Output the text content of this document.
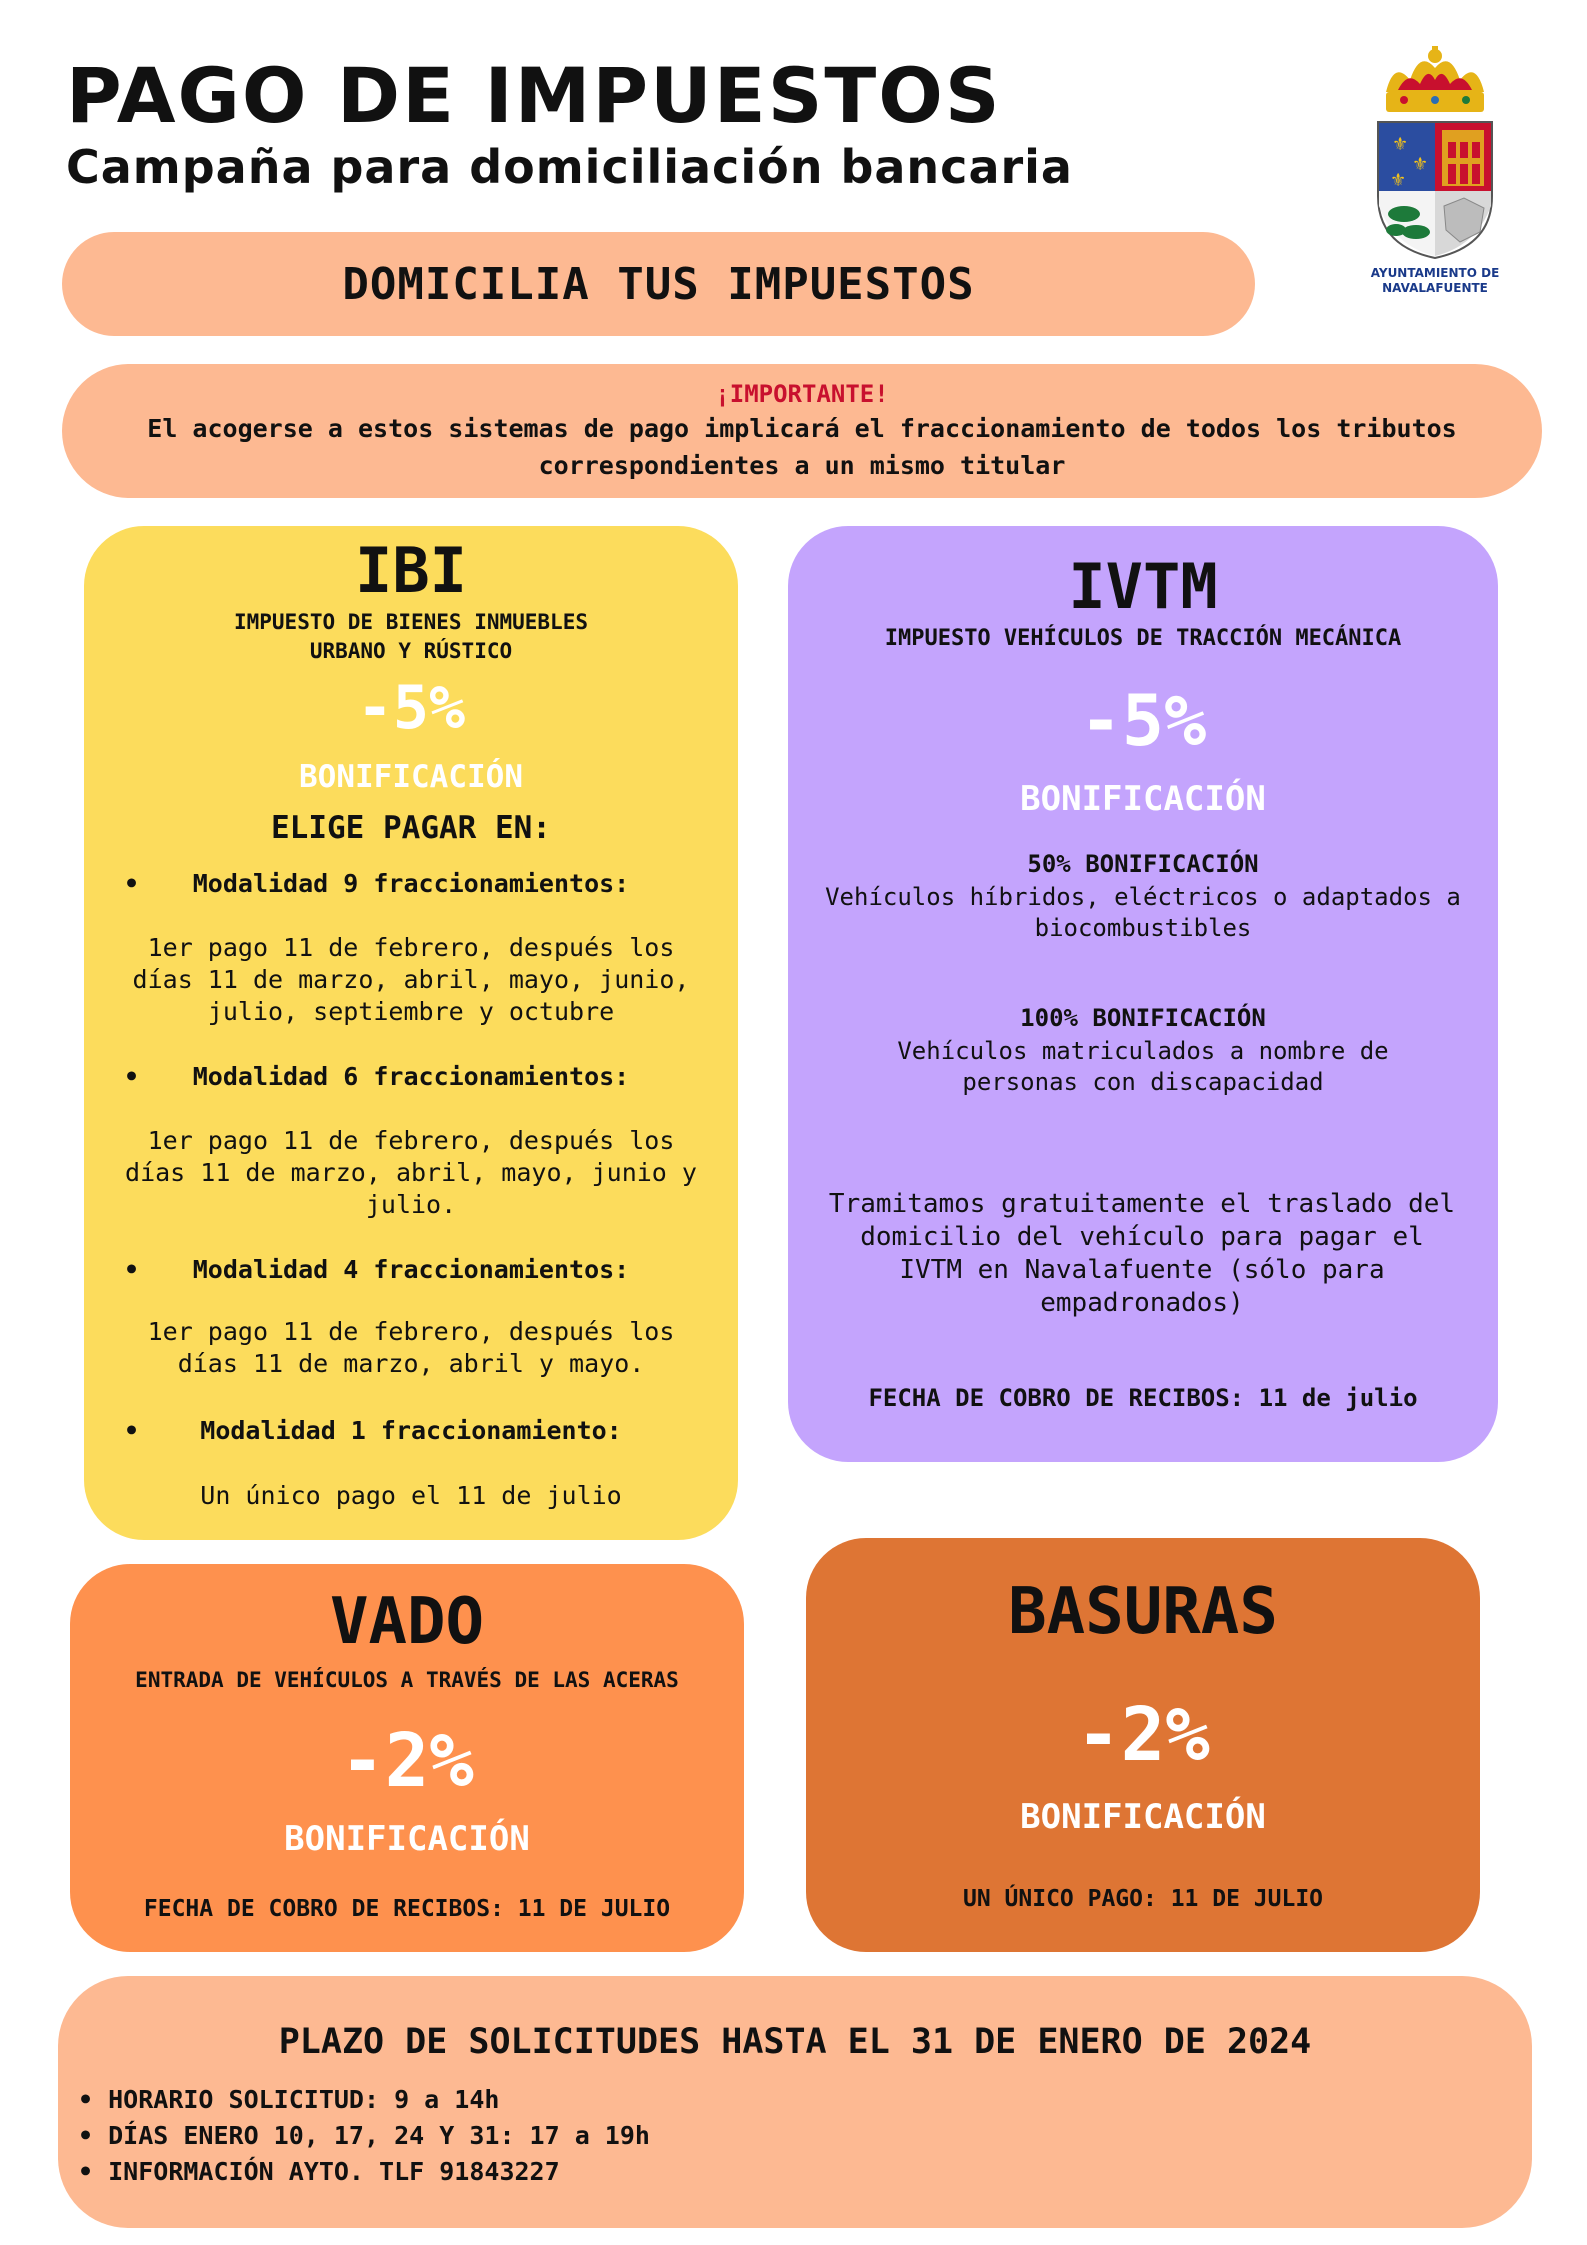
PAGO DE IMPUESTOS
Campaña para domiciliación bancaria	⚜
⚜
⚜
AYUNTAMIENTO DE
NAVALAFUENTE
DOMICILIA TUS IMPUESTOS
¡IMPORTANTE!
El acogerse a estos sistemas de pago implicará el fraccionamiento de todos los tributos correspondientes a un mismo titular
IBI
IMPUESTO DE BIENES INMUEBLES
URBANO Y RÚSTICO
-5%
BONIFICACIÓN
ELIGE PAGAR EN:
• Modalidad 9 fraccionamientos:
1er pago 11 de febrero, después los días 11 de marzo, abril, mayo, junio, julio, septiembre y octubre
• Modalidad 6 fraccionamientos:
1er pago 11 de febrero, después los días 11 de marzo, abril, mayo, junio y julio.
• Modalidad 4 fraccionamientos:
1er pago 11 de febrero, después los días 11 de marzo, abril y mayo.
• Modalidad 1 fraccionamiento:
Un único pago el 11 de julio
IVTM
IMPUESTO VEHÍCULOS DE TRACCIÓN MECÁNICA
-5%
BONIFICACIÓN
50% BONIFICACIÓN
Vehículos híbridos, eléctricos o adaptados a biocombustibles
100% BONIFICACIÓN
Vehículos matriculados a nombre de personas con discapacidad
Tramitamos gratuitamente el traslado del domicilio del vehículo para pagar el IVTM en Navalafuente (sólo para empadronados)
FECHA DE COBRO DE RECIBOS: 11 de julio
VADO
ENTRADA DE VEHÍCULOS A TRAVÉS DE LAS ACERAS
-2%
BONIFICACIÓN
FECHA DE COBRO DE RECIBOS: 11 DE JULIO
BASURAS
-2%
BONIFICACIÓN
UN ÚNICO PAGO: 11 DE JULIO
PLAZO DE SOLICITUDES HASTA EL 31 DE ENERO DE 2024
• HORARIO SOLICITUD: 9 a 14h
• DÍAS ENERO 10, 17, 24 Y 31: 17 a 19h
• INFORMACIÓN AYTO. TLF 91843227
